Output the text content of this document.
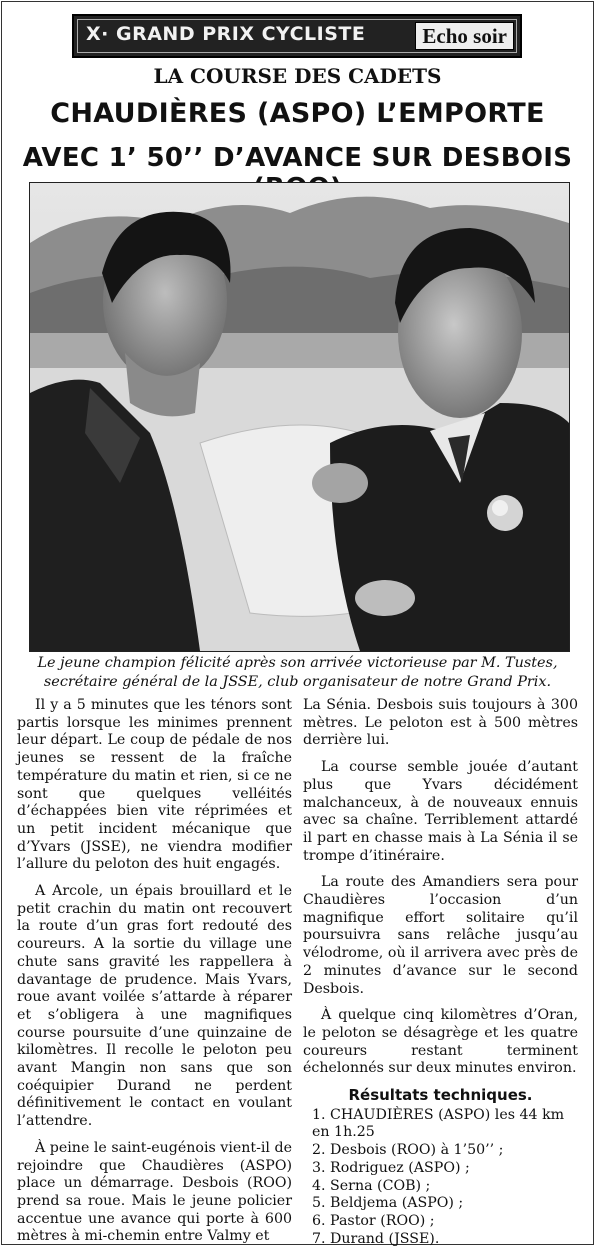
X· GRAND PRIX CYCLISTE	Echo soir
LA COURSE DES CADETS
CHAUDIÈRES (ASPO) L’EMPORTE
AVEC 1’ 50’’ D’AVANCE SUR DESBOIS
Le jeune champion félicité après son arrivée victorieuse par M. Tustes,
secrétaire général de la JSSE, club organisateur de notre Grand Prix.

Il y a 5 minutes que les ténors sont partis lorsque les minimes prennent leur départ. Le coup de pédale de nos jeunes se ressent de la fraîche température du matin et rien, si ce ne sont que quelques velléités d’échappées bien vite réprimées et un petit incident mécanique que d’Yvars (JSSE), ne viendra modifier l’allure du peloton des huit engagés.

A Arcole, un épais brouillard et le petit crachin du matin ont recouvert la route d’un gras fort redouté des coureurs. A la sortie du village une chute sans gravité les rappellera à davantage de prudence. Mais Yvars, roue avant voilée s’attarde à réparer et s’obligera à une magnifiques course poursuite d’une quinzaine de kilomètres. Il recolle le peloton peu avant Mangin non sans que son coéquipier Durand ne perdent définitivement le contact en voulant l’attendre.

À peine le saint-eugénois vient-il de rejoindre que Chaudières (ASPO) place un démarrage. Desbois (ROO) prend sa roue. Mais le jeune policier accentue une avance qui porte à 600 mètres à mi-chemin entre Valmy et

La Sénia. Desbois suis toujours à 300 mètres. Le peloton est à 500 mètres derrière lui.

La course semble jouée d’autant plus que Yvars décidément malchanceux, à de nouveaux ennuis avec sa chaîne. Terriblement attardé il part en chasse mais à La Sénia il se trompe d’itinéraire.

La route des Amandiers sera pour Chaudières l’occasion d’un magnifique effort solitaire qu’il poursuivra sans relâche jusqu’au vélodrome, où il arrivera avec près de 2 minutes d’avance sur le second Desbois.

À quelque cinq kilomètres d’Oran, le peloton se désagrège et les quatre coureurs restant terminent échelonnés sur deux minutes environ.

Résultats techniques.
1. CHAUDIÈRES (ASPO) les 44 km en 1h.25
2. Desbois (ROO) à 1’50’’ ;
3. Rodriguez (ASPO) ;
4. Serna (COB) ;
5. Beldjema (ASPO) ;
6. Pastor (ROO) ;
7. Durand (JSSE).
